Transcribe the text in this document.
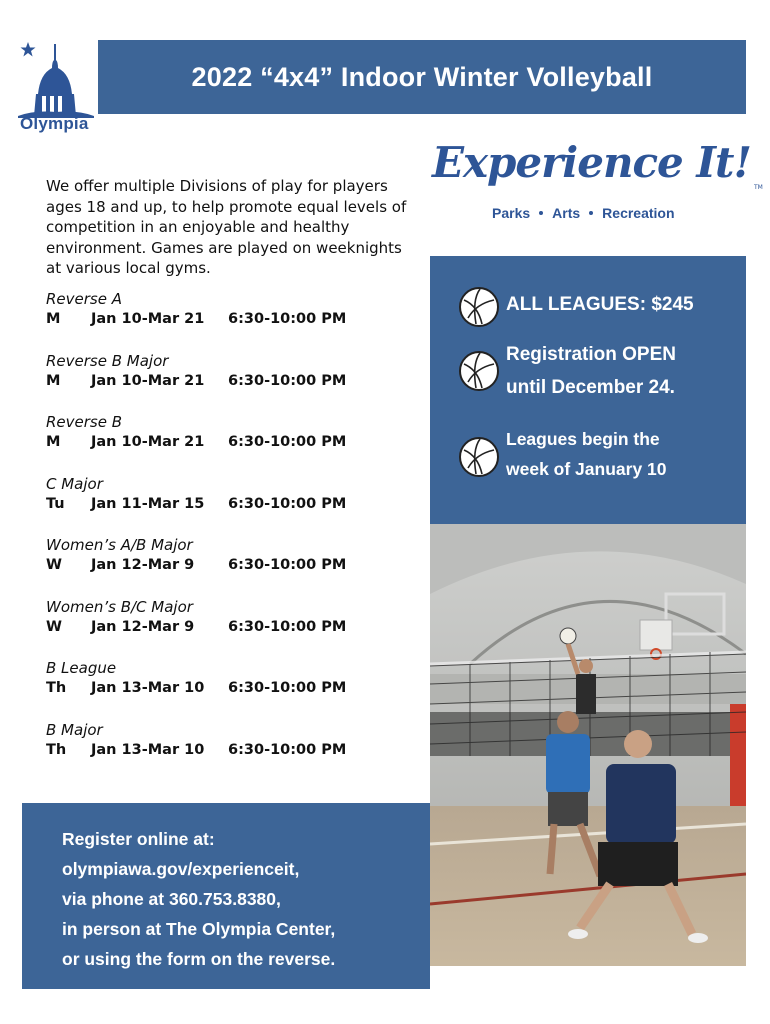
Olympia
2022 “4x4” Indoor Winter Volleyball
Experience It!
TM
Parks Arts Recreation
We offer multiple Divisions of play for players ages 18 and up, to help promote equal levels of competition in an enjoyable and healthy environment. Games are played on weeknights at various local gyms.
Reverse A
M Jan 10-Mar 21 6:30-10:00 PM
Reverse B Major
M Jan 10-Mar 21 6:30-10:00 PM
Reverse B
M Jan 10-Mar 21 6:30-10:00 PM
C Major
Tu Jan 11-Mar 15 6:30-10:00 PM
Women’s A/B Major
W Jan 12-Mar 9 6:30-10:00 PM
Women’s B/C Major
W Jan 12-Mar 9 6:30-10:00 PM
B League
Th Jan 13-Mar 10 6:30-10:00 PM
B Major
Th Jan 13-Mar 10 6:30-10:00 PM
ALL LEAGUES: $245
Registration OPEN
until December 24.
Leagues begin the
week of January 10
Register online at:
olympiawa.gov/experienceit,
via phone at 360.753.8380,
in person at The Olympia Center,
or using the form on the reverse.
